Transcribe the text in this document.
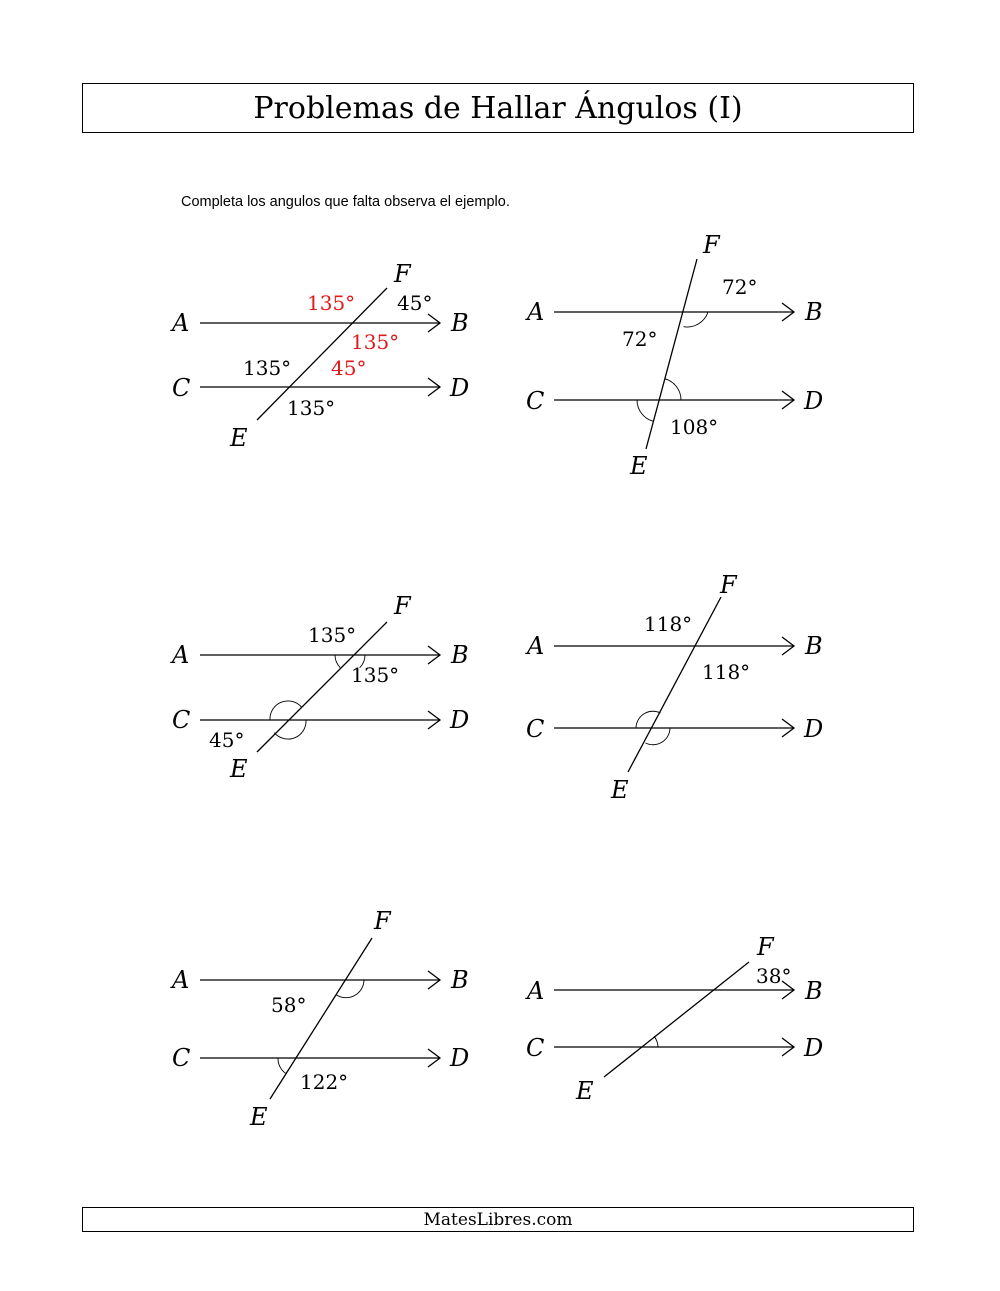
Problemas de Hallar Ángulos (I)
Completa los angulos que falta observa el ejemplo.
A	B
C	D
E
F
135° 45°
135°
135° 45°
135°
A	B
C	D
E
F
72°
72°
108°
A	B
C	D
E
F
135°
135°
45°
A	B
C	D
E
F
118°
118°
A	B
C	D
E
F
58°
122°
A	B
C	D
E
F
38°
MatesLibres.com
